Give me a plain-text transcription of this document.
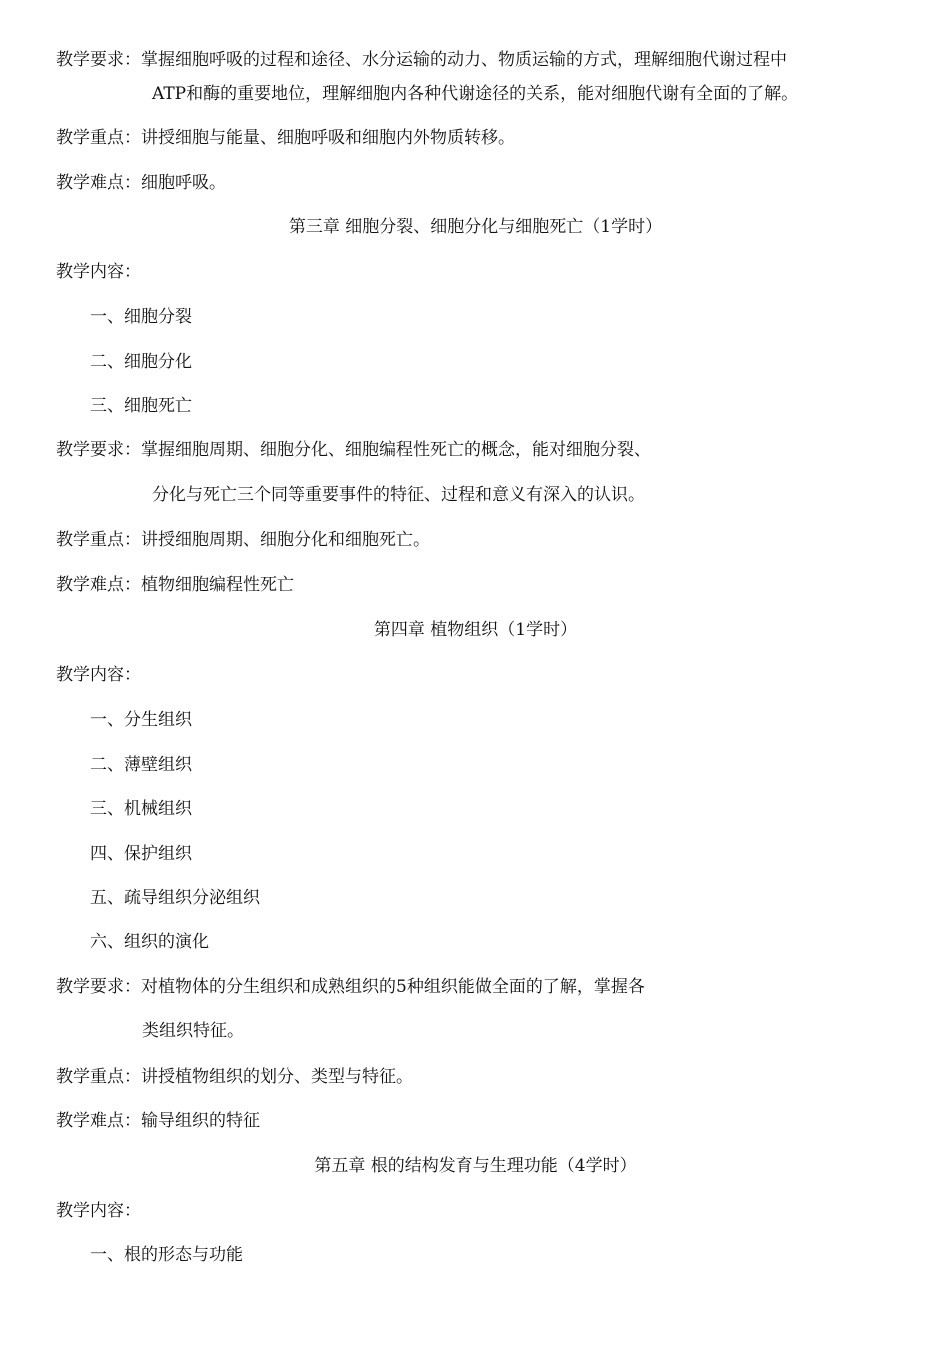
教学要求：掌握细胞呼吸的过程和途径、水分运输的动力、物质运输的方式，理解细胞代谢过程中

ATP和酶的重要地位，理解细胞内各种代谢途径的关系，能对细胞代谢有全面的了解。

教学重点：讲授细胞与能量、细胞呼吸和细胞内外物质转移。

教学难点：细胞呼吸。

第三章 细胞分裂、细胞分化与细胞死亡（1学时）

教学内容：

一、细胞分裂

二、细胞分化

三、细胞死亡

教学要求：掌握细胞周期、细胞分化、细胞编程性死亡的概念，能对细胞分裂、

分化与死亡三个同等重要事件的特征、过程和意义有深入的认识。

教学重点：讲授细胞周期、细胞分化和细胞死亡。

教学难点：植物细胞编程性死亡

第四章 植物组织（1学时）

教学内容：

一、分生组织

二、薄壁组织

三、机械组织

四、保护组织

五、疏导组织分泌组织

六、组织的演化

教学要求：对植物体的分生组织和成熟组织的5种组织能做全面的了解，掌握各

类组织特征。

教学重点：讲授植物组织的划分、类型与特征。

教学难点：输导组织的特征

第五章 根的结构发育与生理功能（4学时）

教学内容：

一、根的形态与功能
